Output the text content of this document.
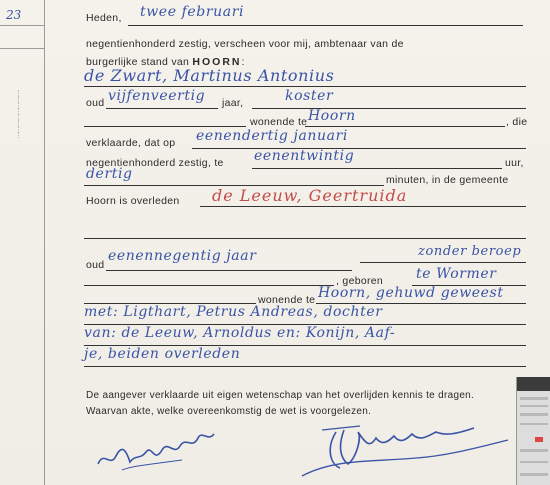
23	Heden, twee februari
negentienhonderd zestig, verscheen voor mij, ambtenaar van de
burgerlijke stand van HOORN:
de Zwart, Martinus Antonius
oud vijfenveertig jaar,	koster
wonende te Hoorn	, die
verklaarde, dat op eenendertig januari
negentienhonderd zestig, te eenentwintig	uur,
dertig	minuten, in de gemeente
Hoorn is overleden de Leeuw, Geertruida
oud
eenennegentig jaar	zonder beroep
, geboren te Wormer
wonende te Hoorn, gehuwd geweest
met: Ligthart, Petrus Andreas, dochter
van: de Leeuw, Arnoldus en: Konijn, Aaf-
je, beiden overleden
De aangever verklaarde uit eigen wetenschap van het overlijden kennis te dragen.
Waarvan akte, welke overeenkomstig de wet is voorgelezen.
